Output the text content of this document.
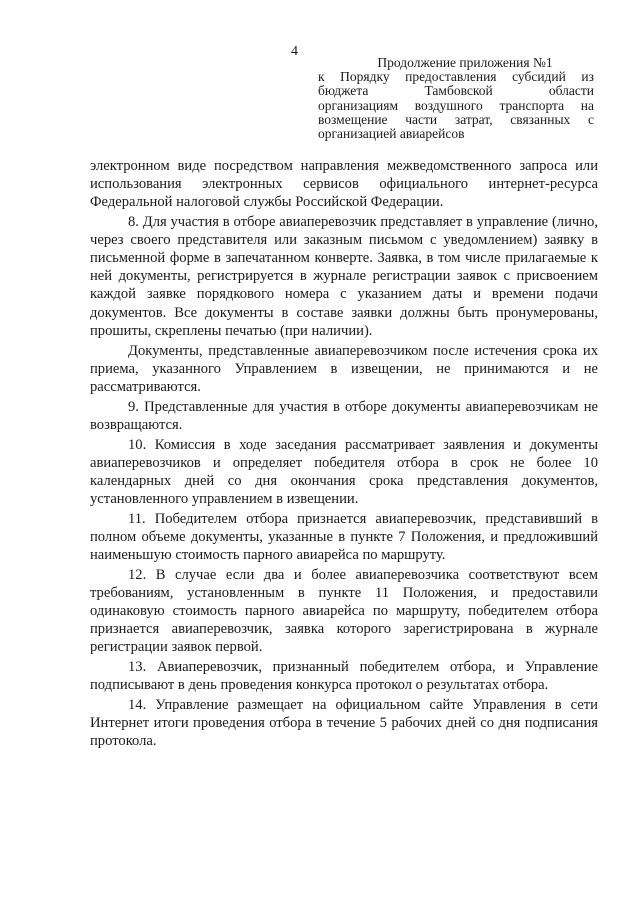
4
Продолжение приложения №1
к Порядку предоставления субсидий из
бюджета Тамбовской области
организациям воздушного транспорта на
возмещение части затрат, связанных с
организацией авиарейсов

электронном виде посредством направления межведомственного запроса или использования электронных сервисов официального интернет-ресурса Федеральной налоговой службы Российской Федерации.

8. Для участия в отборе авиаперевозчик представляет в управление (лично, через своего представителя или заказным письмом с уведомлением) заявку в письменной форме в запечатанном конверте. Заявка, в том числе прилагаемые к ней документы, регистрируется в журнале регистрации заявок с присвоением каждой заявке порядкового номера с указанием даты и времени подачи документов. Все документы в составе заявки должны быть пронумерованы, прошиты, скреплены печатью (при наличии).

Документы, представленные авиаперевозчиком после истечения срока их приема, указанного Управлением в извещении, не принимаются и не рассматриваются.

9. Представленные для участия в отборе документы авиаперевозчикам не возвращаются.

10. Комиссия в ходе заседания рассматривает заявления и документы авиаперевозчиков и определяет победителя отбора в срок не более 10 календарных дней со дня окончания срока представления документов, установленного управлением в извещении.

11. Победителем отбора признается авиаперевозчик, представивший в полном объеме документы, указанные в пункте 7 Положения, и предложивший наименьшую стоимость парного авиарейса по маршруту.

12. В случае если два и более авиаперевозчика соответствуют всем требованиям, установленным в пункте 11 Положения, и предоставили одинаковую стоимость парного авиарейса по маршруту, победителем отбора признается авиаперевозчик, заявка которого зарегистрирована в журнале регистрации заявок первой.

13. Авиаперевозчик, признанный победителем отбора, и Управление подписывают в день проведения конкурса протокол о результатах отбора.

14. Управление размещает на официальном сайте Управления в сети Интернет итоги проведения отбора в течение 5 рабочих дней со дня подписания протокола.
